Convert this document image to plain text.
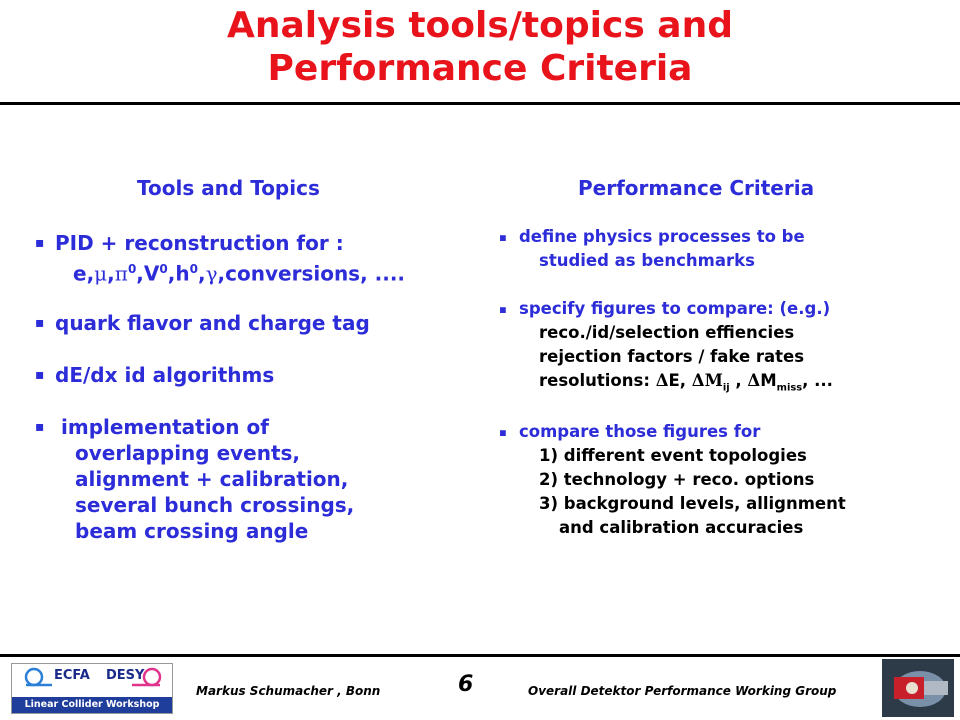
Analysis tools/topics and
Performance Criteria
Tools and Topics	Performance Criteria
▪ PID + reconstruction for :
$e,\mu,\pi^0,V^0,h^0,\gamma,conversions$, ....
▪ quark flavor and charge tag
▪ dE/dx id algorithms
▪ implementation of
overlapping events,
alignment + calibration,
several bunch crossings,
beam crossing angle
▪ define physics processes to be
studied as benchmarks
▪ specify figures to compare: (e.g.)
reco./id/selection effiencies
rejection factors / fake rates
resolutions: ΔE, $\Delta M_{ij}$ , $\Delta M_{miss}$, ...
▪ compare those figures for
1) different event topologies
2) technology + reco. options
3) background levels, allignment
and calibration accuracies
ECFA DESY
Linear Collider Workshop
Markus Schumacher , Bonn	6	Overall Detektor Performance Working Group
